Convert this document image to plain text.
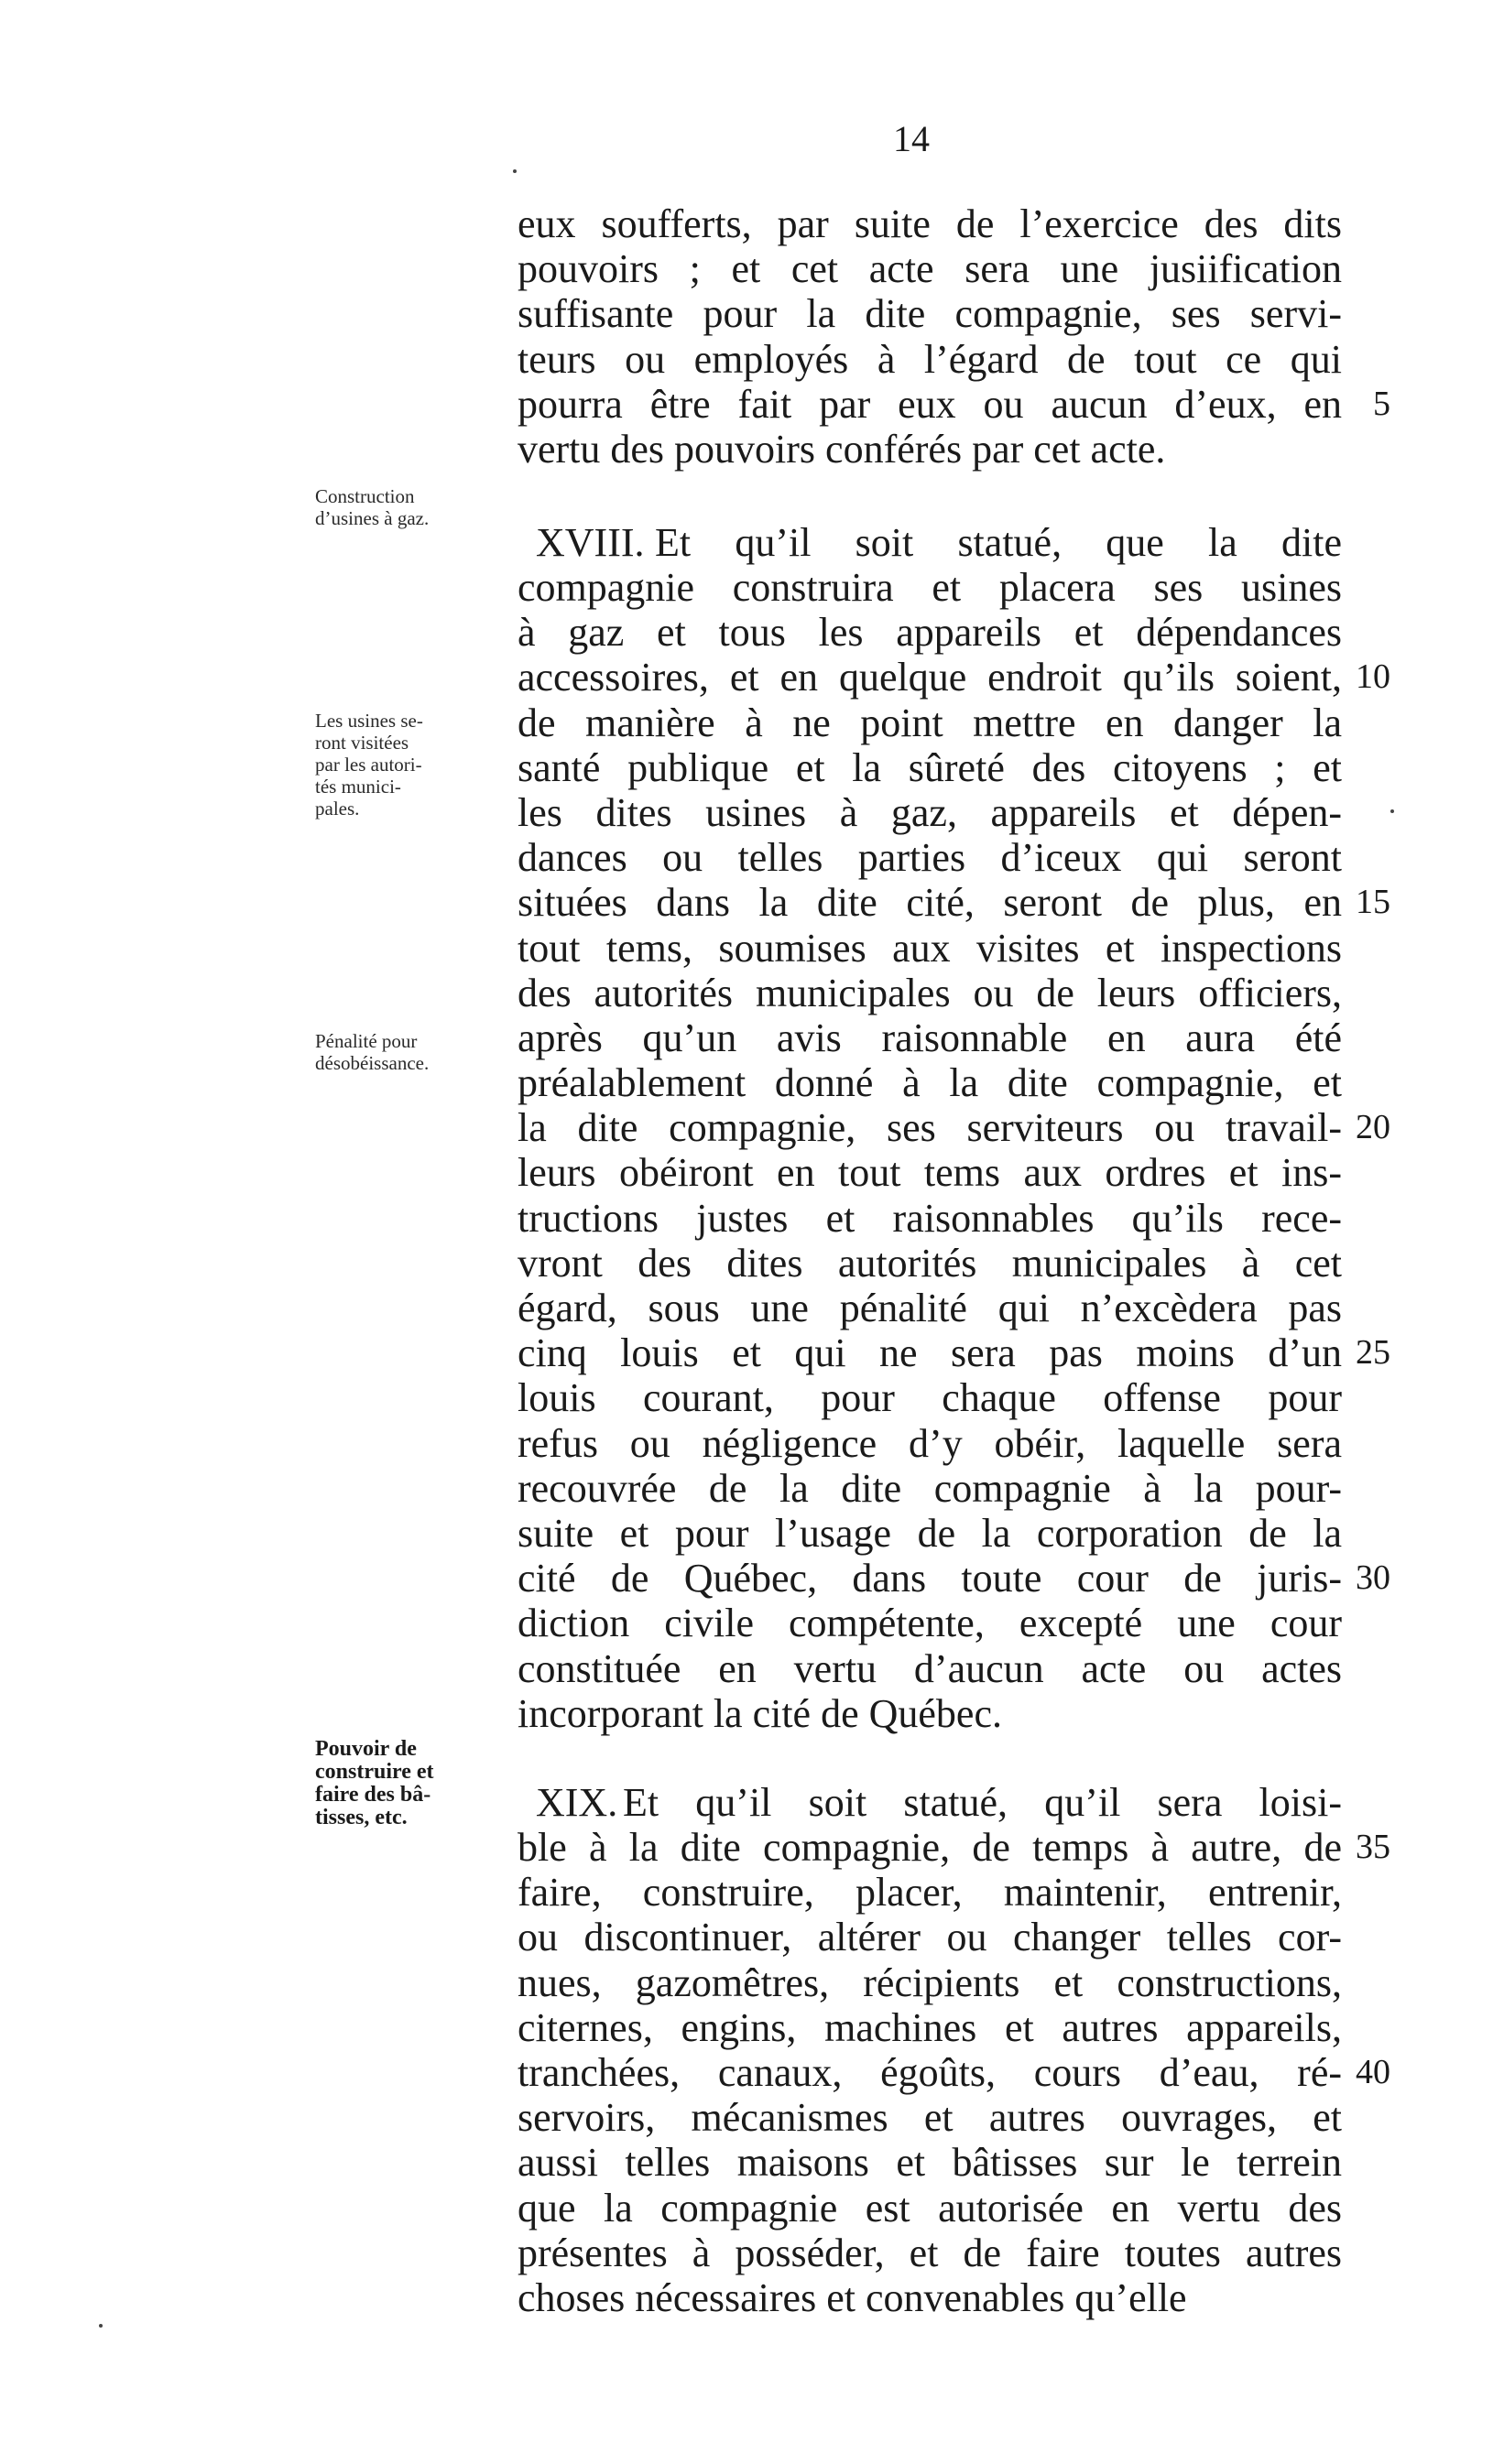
14
eux soufferts, par suite de l’exercice des dits
pouvoirs ; et cet acte sera une jusiification
suffisante pour la dite compagnie, ses servi-
teurs ou employés à l’égard de tout ce qui
pourra être fait par eux ou aucun d’eux, en
vertu des pouvoirs conférés par cet acte.
XVIII. Et qu’il soit statué, que la dite
compagnie construira et placera ses usines
à gaz et tous les appareils et dépendances
accessoires, et en quelque endroit qu’ils soient,
de manière à ne point mettre en danger la
santé publique et la sûreté des citoyens ; et
les dites usines à gaz, appareils et dépen-
dances ou telles parties d’iceux qui seront
situées dans la dite cité, seront de plus, en
tout tems, soumises aux visites et inspections
des autorités municipales ou de leurs officiers,
après qu’un avis raisonnable en aura été
préalablement donné à la dite compagnie, et
la dite compagnie, ses serviteurs ou travail-
leurs obéiront en tout tems aux ordres et ins-
tructions justes et raisonnables qu’ils rece-
vront des dites autorités municipales à cet
égard, sous une pénalité qui n’excèdera pas
cinq louis et qui ne sera pas moins d’un
louis courant, pour chaque offense pour
refus ou négligence d’y obéir, laquelle sera
recouvrée de la dite compagnie à la pour-
suite et pour l’usage de la corporation de la
cité de Québec, dans toute cour de juris-
diction civile compétente, excepté une cour
constituée en vertu d’aucun acte ou actes
incorporant la cité de Québec.
XIX. Et qu’il soit statué, qu’il sera loisi-
ble à la dite compagnie, de temps à autre, de
faire, construire, placer, maintenir, entrenir,
ou discontinuer, altérer ou changer telles cor-
nues, gazomêtres, récipients et constructions,
citernes, engins, machines et autres appareils,
tranchées, canaux, égoûts, cours d’eau, ré-
servoirs, mécanismes et autres ouvrages, et
aussi telles maisons et bâtisses sur le terrein
que la compagnie est autorisée en vertu des
présentes à posséder, et de faire toutes autres
choses nécessaires et convenables qu’elle
Construction
d’usines à gaz.
Les usines se-
ront visitées
par les autori-
tés munici-
pales.
Pénalité pour
désobéissance.
Pouvoir de
construire et
faire des bâ-
tisses, etc.
5
10
15
20
25
30
35
40
